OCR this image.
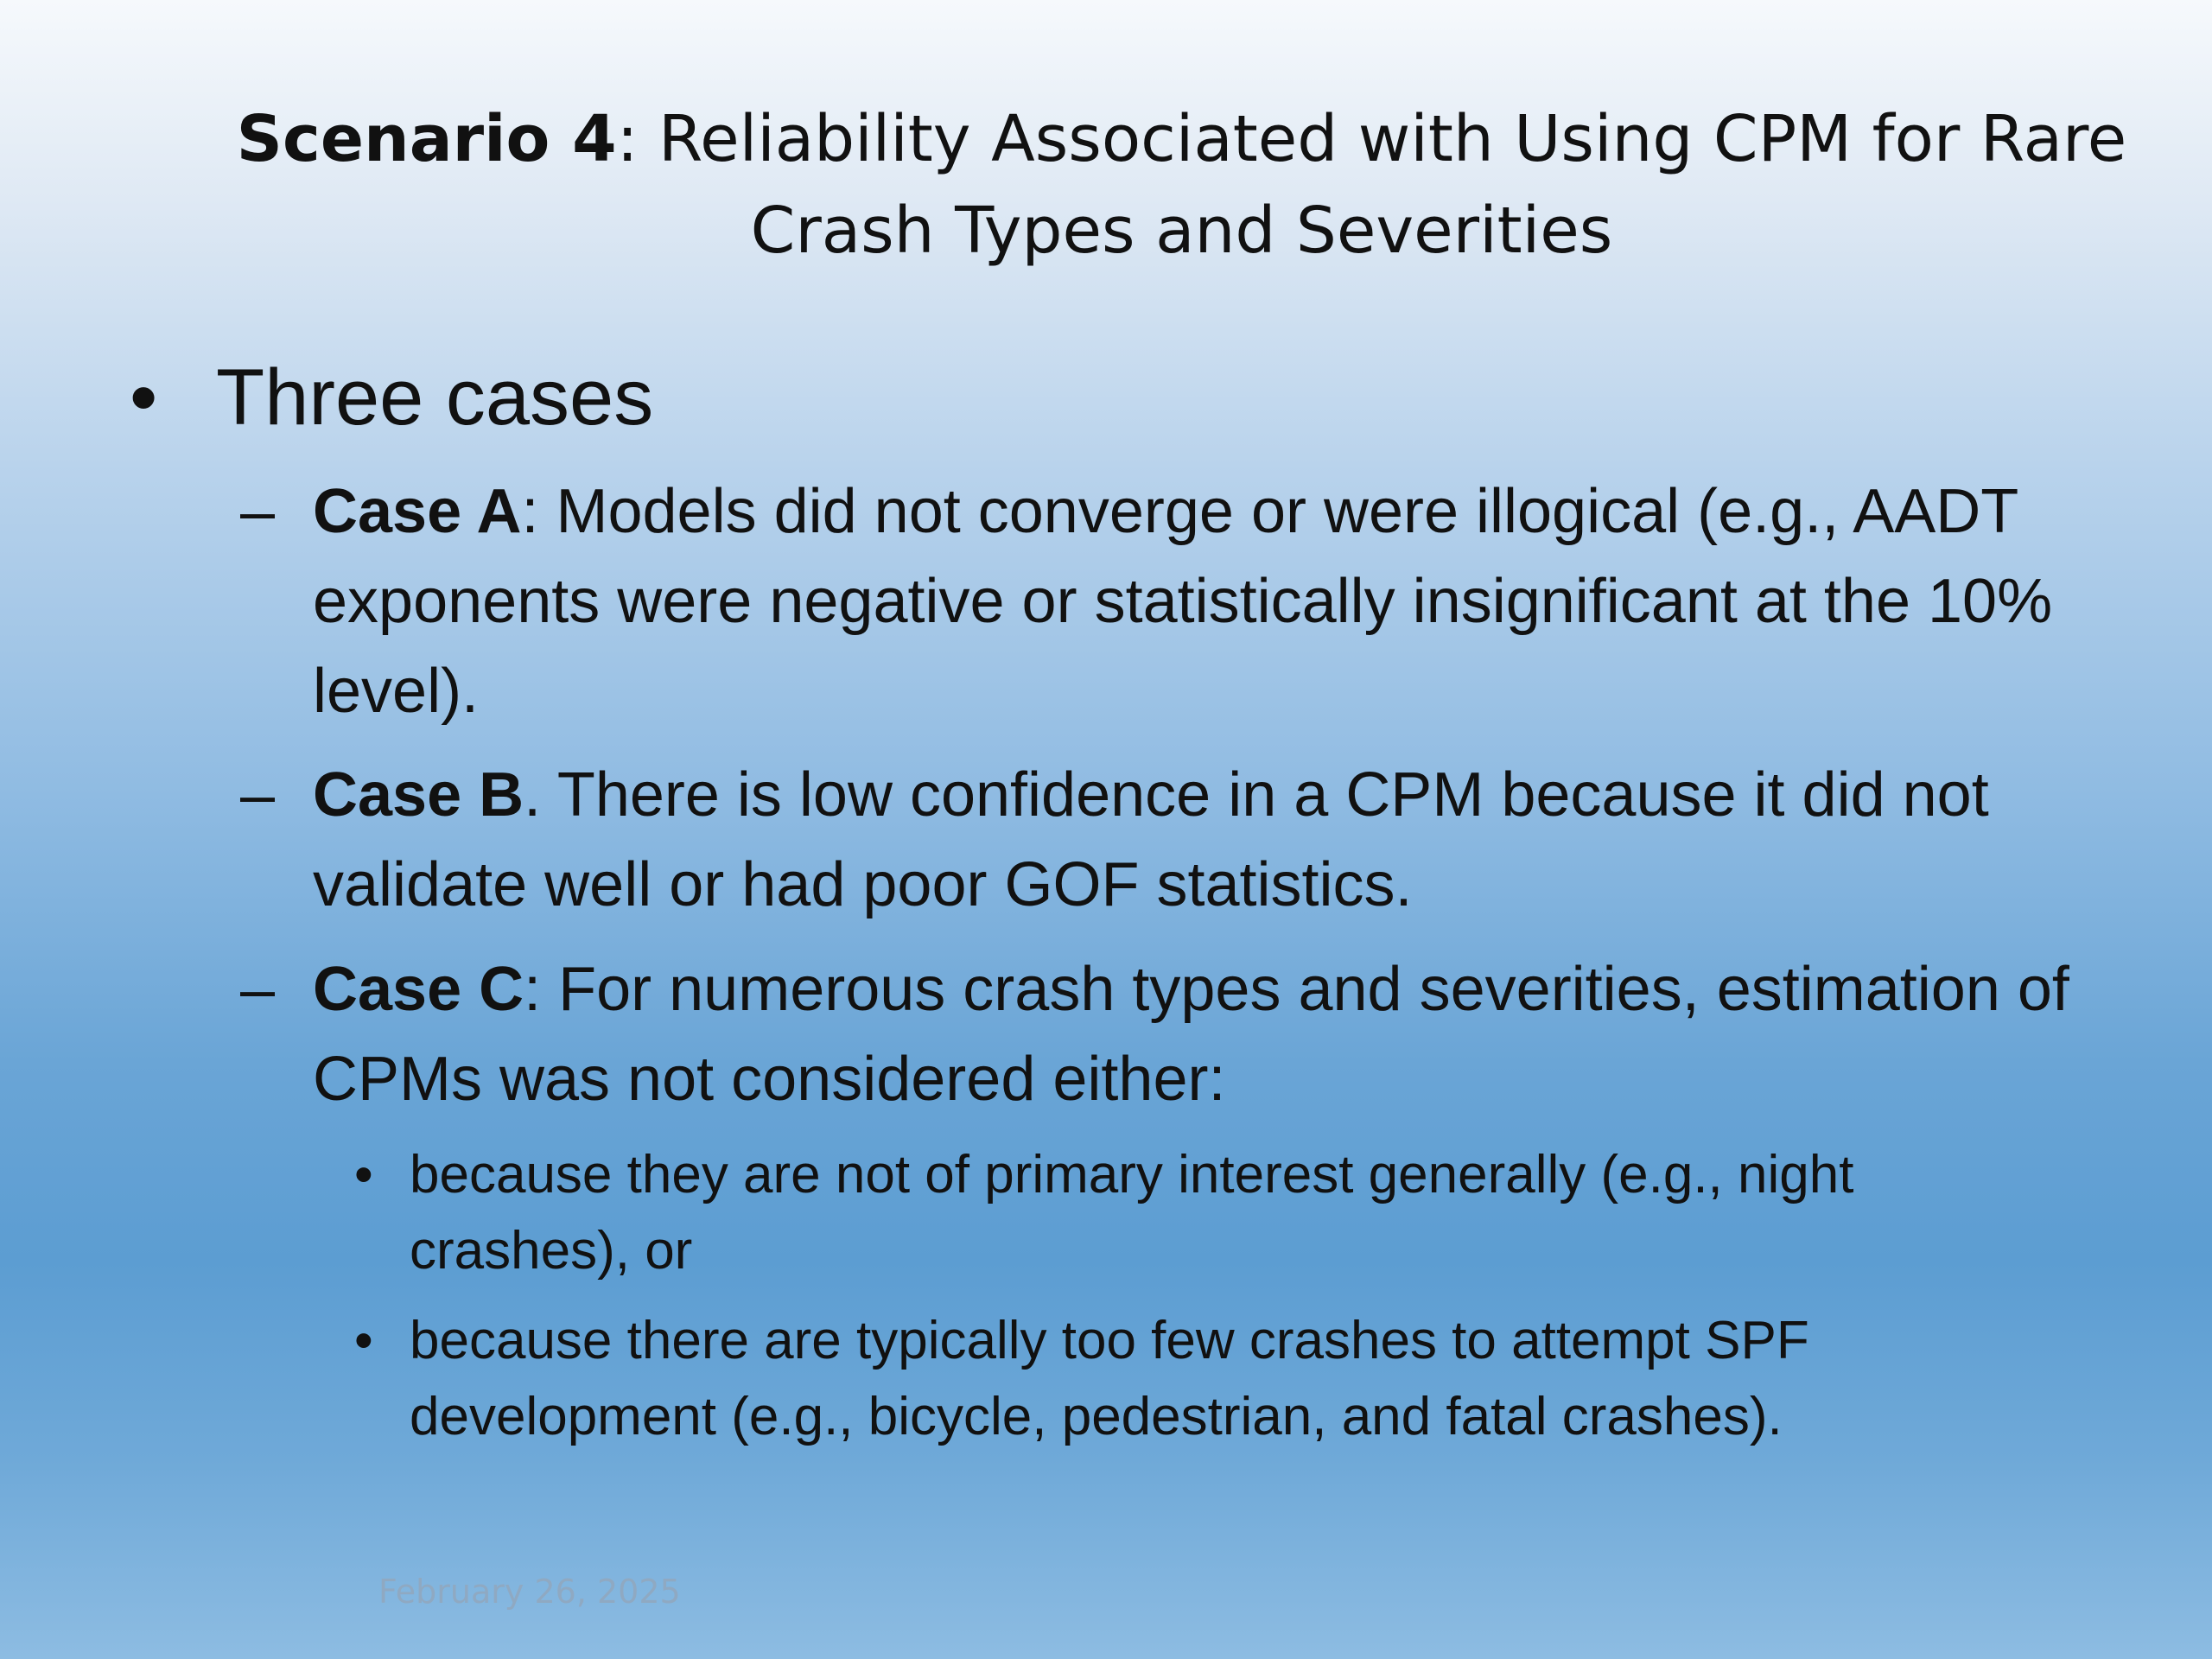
Scenario 4: Reliability Associated with Using CPM for Rare Crash Types and Severities
• Three cases
– Case A: Models did not converge or were illogical (e.g., AADT exponents were negative or statistically insignificant at the 10% level).
– Case B. There is low confidence in a CPM because it did not validate well or had poor GOF statistics.
– Case C: For numerous crash types and severities, estimation of CPMs was not considered either:
• because they are not of primary interest generally (e.g., night crashes), or
• because there are typically too few crashes to attempt SPF development (e.g., bicycle, pedestrian, and fatal crashes).
February 26, 2025
